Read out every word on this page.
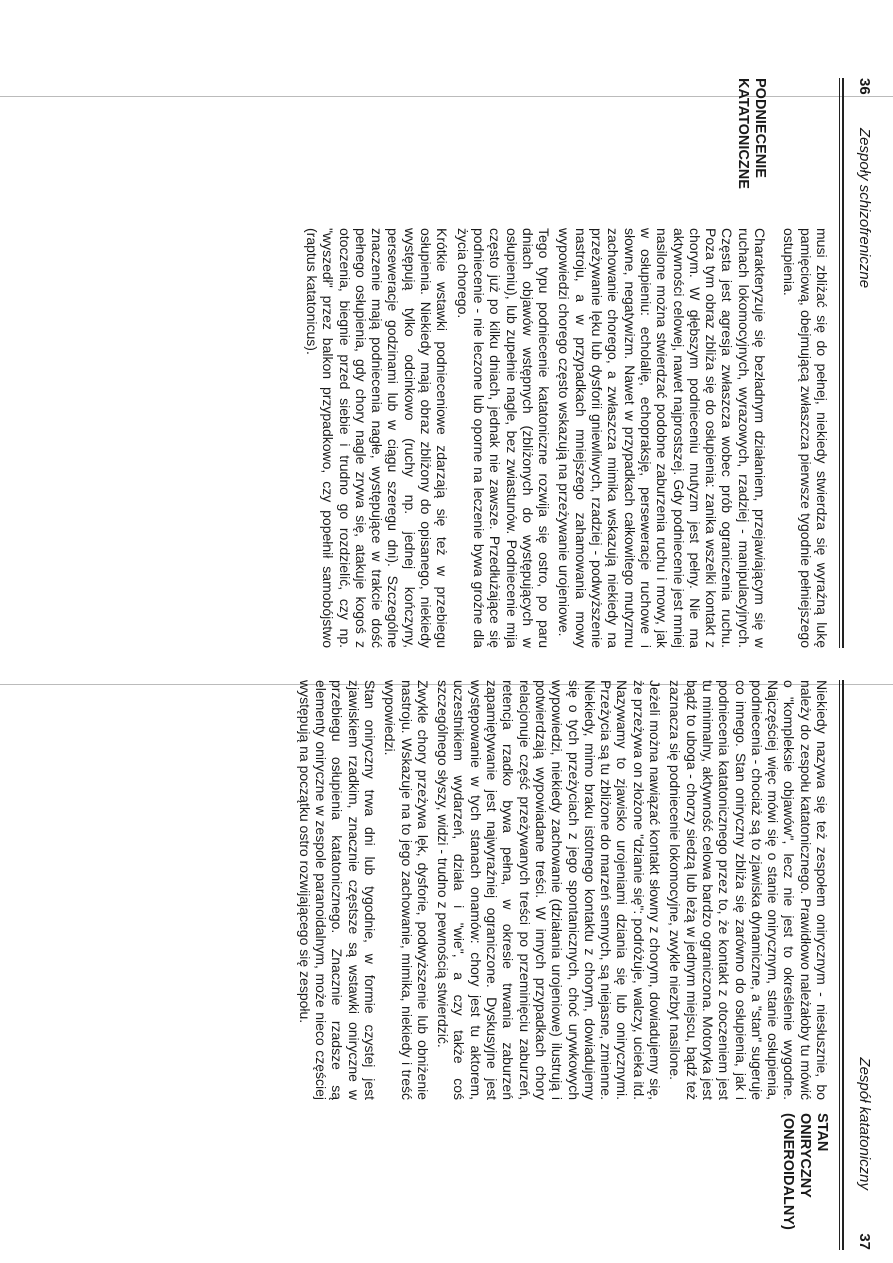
36
Zespoły schizofreniczne

musi zbliżać się do pełnej, niekiedy stwierdza się wyraźną lukę pamięciową, obejmującą zwłaszcza pierwsze tygodnie pełniejszego ostupienia.

PODNIECENIE
KATATONICZNE

Charakteryzuje się bezładnym działaniem, przejawiającym się w ruchach lokomocyjnych, wyrazowych, rzadziej - manipulacyjnych. Częsta jest agresja zwłaszcza wobec prób ograniczenia ruchu. Poza tym obraz zbliża się do osłupienia: zanika wszelki kontakt z chorym. W głębszym podnieceniu mutyzm jest pełny. Nie ma aktywności celowej, nawet najprostszej. Gdy podniecenie jest mniej nasilone można stwierdzać podobne zaburzenia ruchu i mowy, jak w osłupieniu: echolalię, echopraksję, perseweracje ruchowe i słowne, negatywizm. Nawet w przypadkach całkowitego mutyzmu zachowanie chorego, a zwłaszcza mimika wskazują niekiedy na przeżywanie lęku lub dysforii gniewliwych, rzadziej - podwyższenie nastroju, a w przypadkach mniejszego zahamowania mowy wypowiedzi chorego często wskazują na przeżywanie urojeniowe.

Tego typu podniecenie katatoniczne rozwija się ostro, po paru dniach objawów wstępnych (zbliżonych do występujących w osłupieniu), lub zupełnie nagle, bez zwiastunów. Podniecenie mija często już po kilku dniach, jednak nie zawsze. Przedłużające się podniecenie - nie leczone lub oporne na leczenie bywa groźne dla życia chorego.

Krótkie wstawki podnieceniowe zdarzają się też w przebiegu osłupienia. Niekiedy mają obraz zbliżony do opisanego, niekiedy występują tylko odcinkowo (ruchy np. jednej kończyny, perseweracje godzinami lub w ciągu szeregu dni). Szczególne znaczenie mają podniecenia nagłe, występujące w trakcie dość pełnego osłupienia, gdy chory nagle zrywa się, atakuje kogoś z otoczenia, biegnie przed siebie i trudno go rozdzielić, czy np. "wyszedł" przez balkon przypadkowo, czy popełnił samobójstwo (raptus katatonicus).

Zespół katatoniczny
37

Niekiedy nazywa się też zespołem onirycznym - niesłusznie, bo należy do zespołu katatonicznego. Prawidłowo należałoby tu mówić o "kompleksie objawów", lecz nie jest to określenie wygodne. Najczęściej więc mówi się o stanie onirycznym, stanie osłupienia, podniecenia - chociaż są to zjawiska dynamiczne, a "stan" sugeruje co innego. Stan oniryczny zbliża się zarówno do osłupienia, jak i podniecenia katatonicznego przez to, że kontakt z otoczeniem jest tu minimalny, aktywność celowa bardzo ograniczona. Motoryka jest bądź to uboga - chorzy siedzą lub leżą w jednym miejscu, bądź też zaznacza się podniecenie lokomocyjne, zwykle niezbyt nasilone.

Jeżeli można nawiązać kontakt słowny z chorym, dowiadujemy się, że przeżywa on złożone "dzianie się": podróżuje, walczy, ucieka itd. Nazywamy to zjawisko urojeniami dziania się lub onirycznymi. Przeżycia są tu zbliżone do marzeń sennych, są niejasne, zmienne. Niekiedy, mimo braku istotnego kontaktu z chorym, dowiadujemy się o tych przeżyciach z jego spontanicznych, choć urywkowych wypowiedzi, niekiedy zachowanie (działania urojeniowe) ilustrują i potwierdzają wypowiadane treści. W innych przypadkach chory relacjonuje część przeżywanych treści po przeminięciu zaburzeń, retencja rzadko bywa pełna, w okresie trwania zaburzeń zapamiętywanie jest najwyraźniej ograniczone. Dyskusyjne jest występowanie w tych stanach onamów: chory jest tu aktorem, uczestnikiem wydarzeń, działa i "wie", a czy także coś szczególnego słyszy, widzi - trudno z pewnością stwierdzić.

Zwykle chory przeżywa lęk, dysforie, podwyższenie lub obniżenie nastroju. Wskazuje na to jego zachowanie, mimika, niekiedy i treść wypowiedzi.

Stan oniryczny trwa dni lub tygodnie, w formie czystej jest zjawiskiem rzadkim, znacznie częstsze są wstawki oniryczne w przebiegu osłupienia katatonicznego. Znacznie rzadsze są elementy oniryczne w zespole paranoidalnym, może nieco częściej występują na początku ostro rozwijającego się zespołu.

STAN
ONIRYCZNY
(ONEROIDALNY)
